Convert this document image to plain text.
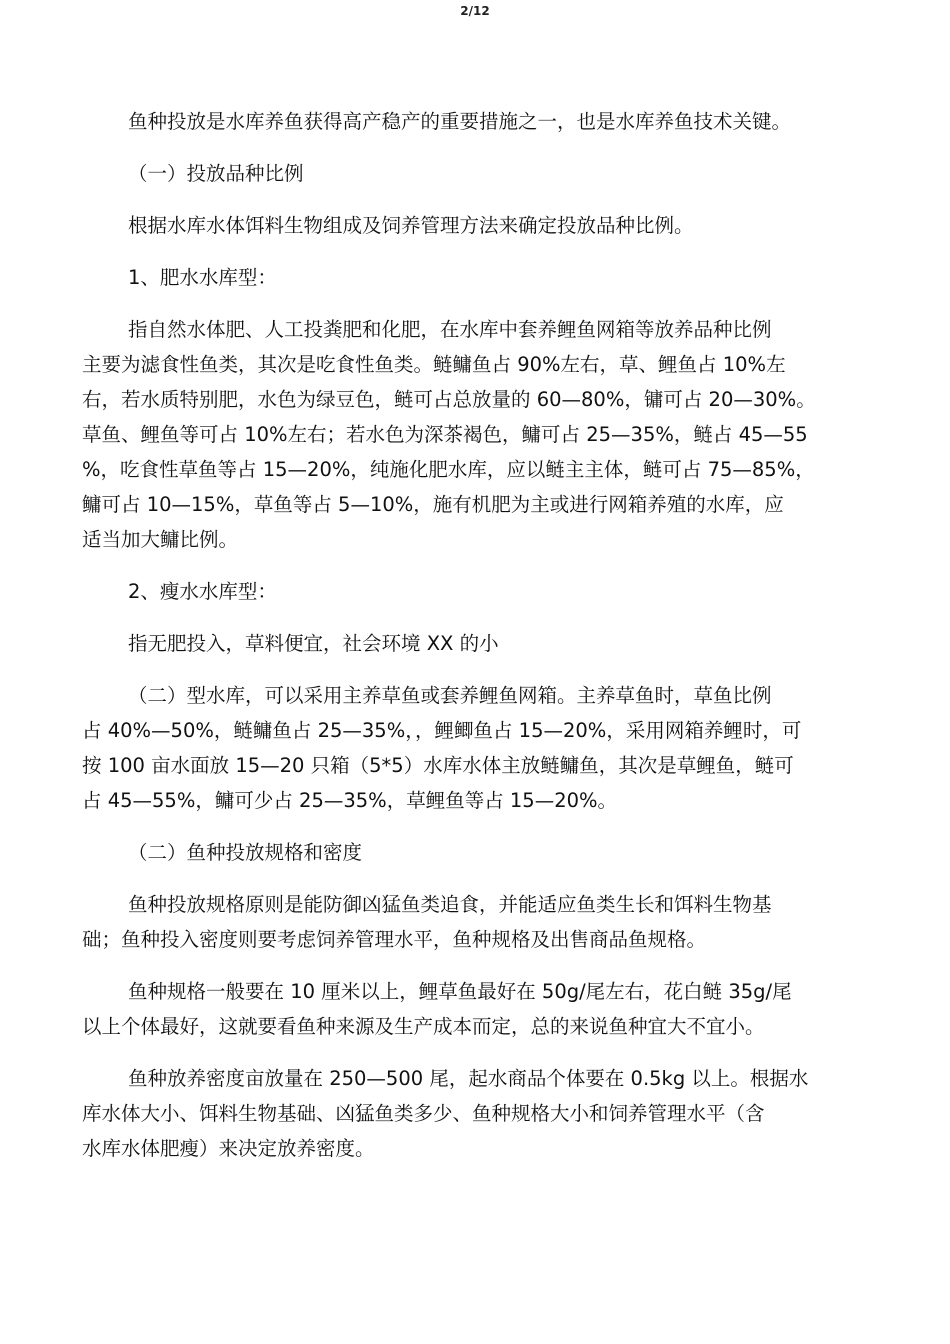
2/12

鱼种投放是水库养鱼获得高产稳产的重要措施之一，也是水库养鱼技术关键。

（一）投放品种比例

根据水库水体饵料生物组成及饲养管理方法来确定投放品种比例。

1、肥水水库型：

指自然水体肥、人工投粪肥和化肥，在水库中套养鲤鱼网箱等放养品种比例
主要为滤食性鱼类，其次是吃食性鱼类。鲢鳙鱼占 90%左右，草、鲤鱼占 10%左
右，若水质特别肥，水色为绿豆色，鲢可占总放量的 60—80%，镛可占 20—30%。
草鱼、鲤鱼等可占 10%左右；若水色为深茶褐色，鳙可占 25—35%，鲢占 45—55
%，吃食性草鱼等占 15—20%，纯施化肥水库，应以鲢主主体，鲢可占 75—85%，
鳙可占 10—15%，草鱼等占 5—10%，施有机肥为主或进行网箱养殖的水库，应
适当加大鳙比例。

2、瘦水水库型：

指无肥投入，草料便宜，社会环境 XX 的小

（二）型水库，可以采用主养草鱼或套养鲤鱼网箱。主养草鱼时，草鱼比例
占 40%—50%，鲢鳙鱼占 25—35%，，鲤鲫鱼占 15—20%，采用网箱养鲤时，可
按 100 亩水面放 15—20 只箱（5*5）水库水体主放鲢鳙鱼，其次是草鲤鱼，鲢可
占 45—55%，鳙可少占 25—35%，草鲤鱼等占 15—20%。

（二）鱼种投放规格和密度

鱼种投放规格原则是能防御凶猛鱼类追食，并能适应鱼类生长和饵料生物基
础；鱼种投入密度则要考虑饲养管理水平，鱼种规格及出售商品鱼规格。

鱼种规格一般要在 10 厘米以上，鲤草鱼最好在 50g/尾左右，花白鲢 35g/尾
以上个体最好，这就要看鱼种来源及生产成本而定，总的来说鱼种宜大不宜小。

鱼种放养密度亩放量在 250—500 尾，起水商品个体要在 0.5kg 以上。根据水
库水体大小、饵料生物基础、凶猛鱼类多少、鱼种规格大小和饲养管理水平（含
水库水体肥瘦）来决定放养密度。
